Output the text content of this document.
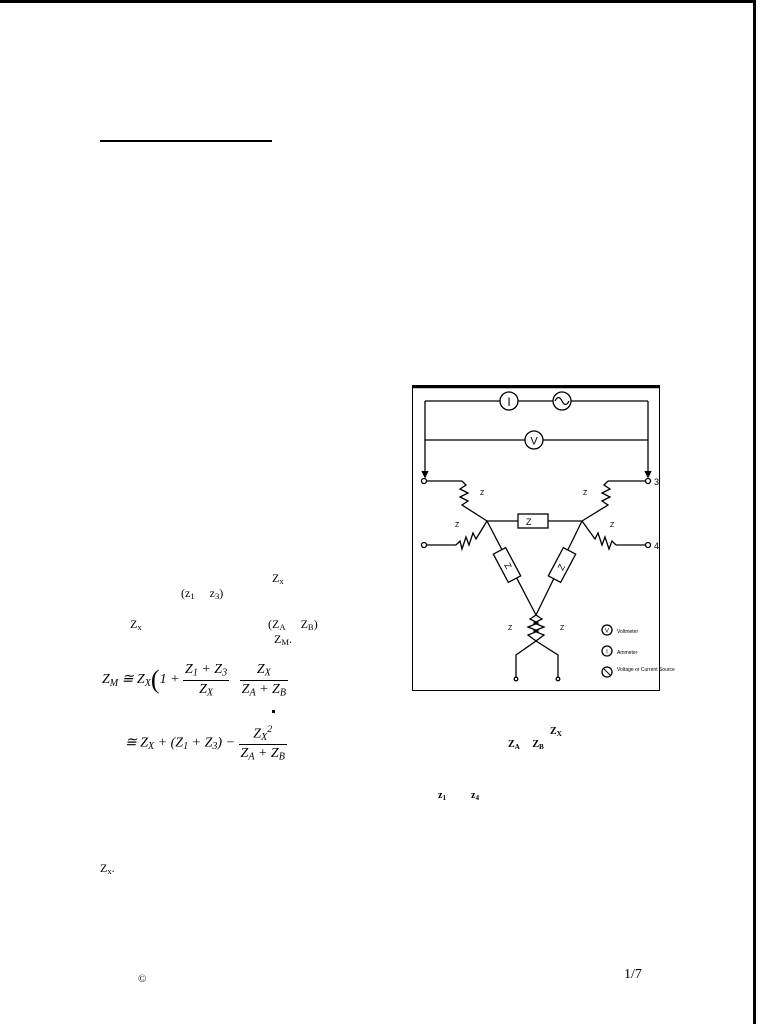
$Z_x$
($z_1$ $z_3$)
$Z_x$	($Z_A$ $Z_B$)
$Z_M$.
$Z_M$ ≅ $Z_X(1 + \frac{Z_1 + Z_3}{Z_X}$
$\frac{Z_X}{Z_A + Z_B}$
≅ $Z_X + (Z_1 + Z_3) - \frac{Z_X^2}{Z_A + Z_B}$
$Z_x$.
$Z_X$
$Z_A$ $Z_B$
$z_1$	$z_4$
©	1/7
I
V
Z
Z
3
Z
4
Z
Z
Z	Z
Z	Z	V Voltmeter
I Ammeter
Voltage or Current Source
